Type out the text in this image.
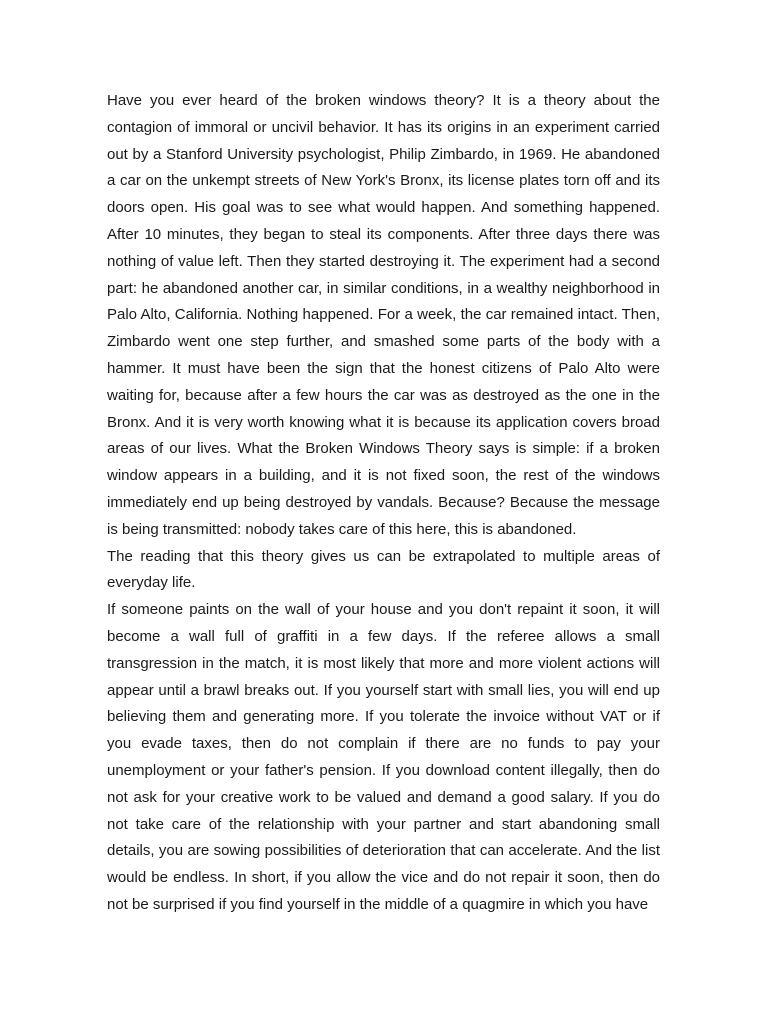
Have you ever heard of the broken windows theory? It is a theory about the contagion of immoral or uncivil behavior. It has its origins in an experiment carried out by a Stanford University psychologist, Philip Zimbardo, in 1969. He abandoned a car on the unkempt streets of New York's Bronx, its license plates torn off and its doors open. His goal was to see what would happen. And something happened. After 10 minutes, they began to steal its components. After three days there was nothing of value left. Then they started destroying it. The experiment had a second part: he abandoned another car, in similar conditions, in a wealthy neighborhood in Palo Alto, California. Nothing happened. For a week, the car remained intact. Then, Zimbardo went one step further, and smashed some parts of the body with a hammer. It must have been the sign that the honest citizens of Palo Alto were waiting for, because after a few hours the car was as destroyed as the one in the Bronx. And it is very worth knowing what it is because its application covers broad areas of our lives. What the Broken Windows Theory says is simple: if a broken window appears in a building, and it is not fixed soon, the rest of the windows immediately end up being destroyed by vandals. Because? Because the message is being transmitted: nobody takes care of this here, this is abandoned.

The reading that this theory gives us can be extrapolated to multiple areas of everyday life.

If someone paints on the wall of your house and you don't repaint it soon, it will become a wall full of graffiti in a few days. If the referee allows a small transgression in the match, it is most likely that more and more violent actions will appear until a brawl breaks out. If you yourself start with small lies, you will end up believing them and generating more. If you tolerate the invoice without VAT or if you evade taxes, then do not complain if there are no funds to pay your unemployment or your father's pension. If you download content illegally, then do not ask for your creative work to be valued and demand a good salary. If you do not take care of the relationship with your partner and start abandoning small details, you are sowing possibilities of deterioration that can accelerate. And the list would be endless. In short, if you allow the vice and do not repair it soon, then do not be surprised if you find yourself in the middle of a quagmire in which you have
